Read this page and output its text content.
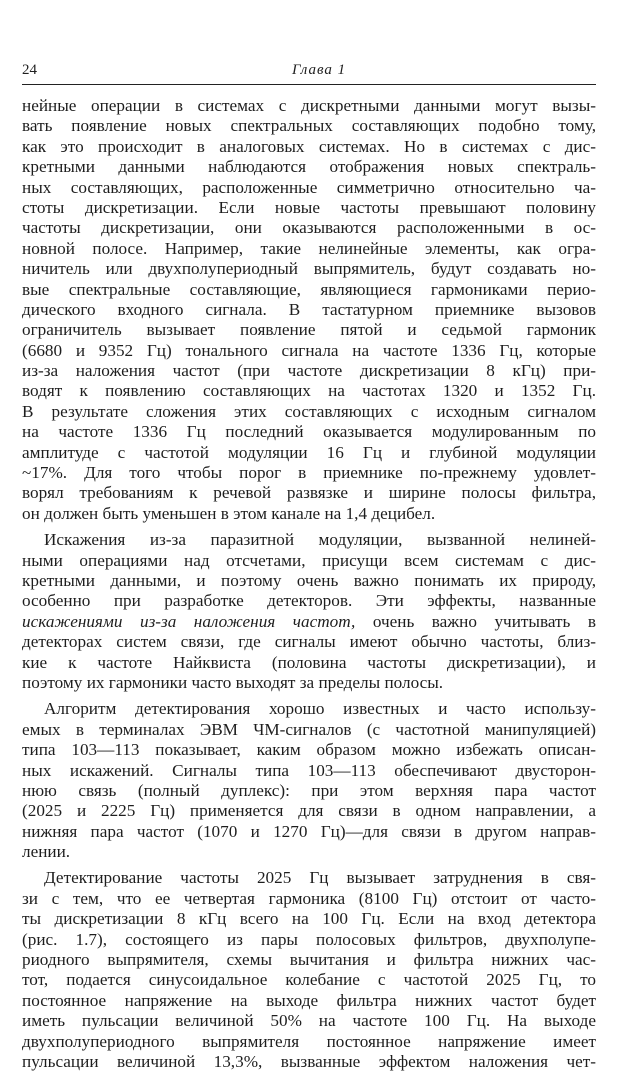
24	Глава 1
нейные операции в системах с дискретными данными могут вызы-
вать появление новых спектральных составляющих подобно тому,
как это происходит в аналоговых системах. Но в системах с дис-
кретными данными наблюдаются отображения новых спектраль-
ных составляющих, расположенные симметрично относительно ча-
стоты дискретизации. Если новые частоты превышают половину
частоты дискретизации, они оказываются расположенными в ос-
новной полосе. Например, такие нелинейные элементы, как огра-
ничитель или двухполупериодный выпрямитель, будут создавать но-
вые спектральные составляющие, являющиеся гармониками перио-
дического входного сигнала. В тастатурном приемнике вызовов
ограничитель вызывает появление пятой и седьмой гармоник
(6680 и 9352 Гц) тонального сигнала на частоте 1336 Гц, которые
из-за наложения частот (при частоте дискретизации 8 кГц) при-
водят к появлению составляющих на частотах 1320 и 1352 Гц.
В результате сложения этих составляющих с исходным сигналом
на частоте 1336 Гц последний оказывается модулированным по
амплитуде с частотой модуляции 16 Гц и глубиной модуляции
~17%. Для того чтобы порог в приемнике по-прежнему удовлет-
ворял требованиям к речевой развязке и ширине полосы фильтра,
он должен быть уменьшен в этом канале на 1,4 децибел.
Искажения из-за паразитной модуляции, вызванной нелиней-
ными операциями над отсчетами, присущи всем системам с дис-
кретными данными, и поэтому очень важно понимать их природу,
особенно при разработке детекторов. Эти эффекты, названные
искажениями из-за наложения частот, очень важно учитывать в
детекторах систем связи, где сигналы имеют обычно частоты, близ-
кие к частоте Найквиста (половина частоты дискретизации), и
поэтому их гармоники часто выходят за пределы полосы.
Алгоритм детектирования хорошо известных и часто использу-
емых в терминалах ЭВМ ЧМ-сигналов (с частотной манипуляцией)
типа 103—113 показывает, каким образом можно избежать описан-
ных искажений. Сигналы типа 103—113 обеспечивают двусторон-
нюю связь (полный дуплекс): при этом верхняя пара частот
(2025 и 2225 Гц) применяется для связи в одном направлении, а
нижняя пара частот (1070 и 1270 Гц)—для связи в другом направ-
лении.
Детектирование частоты 2025 Гц вызывает затруднения в свя-
зи с тем, что ее четвертая гармоника (8100 Гц) отстоит от часто-
ты дискретизации 8 кГц всего на 100 Гц. Если на вход детектора
(рис. 1.7), состоящего из пары полосовых фильтров, двухполупе-
риодного выпрямителя, схемы вычитания и фильтра нижних час-
тот, подается синусоидальное колебание с частотой 2025 Гц, то
постоянное напряжение на выходе фильтра нижних частот будет
иметь пульсации величиной 50% на частоте 100 Гц. На выходе
двухполупериодного выпрямителя постоянное напряжение имеет
пульсации величиной 13,3%, вызванные эффектом наложения чет-
